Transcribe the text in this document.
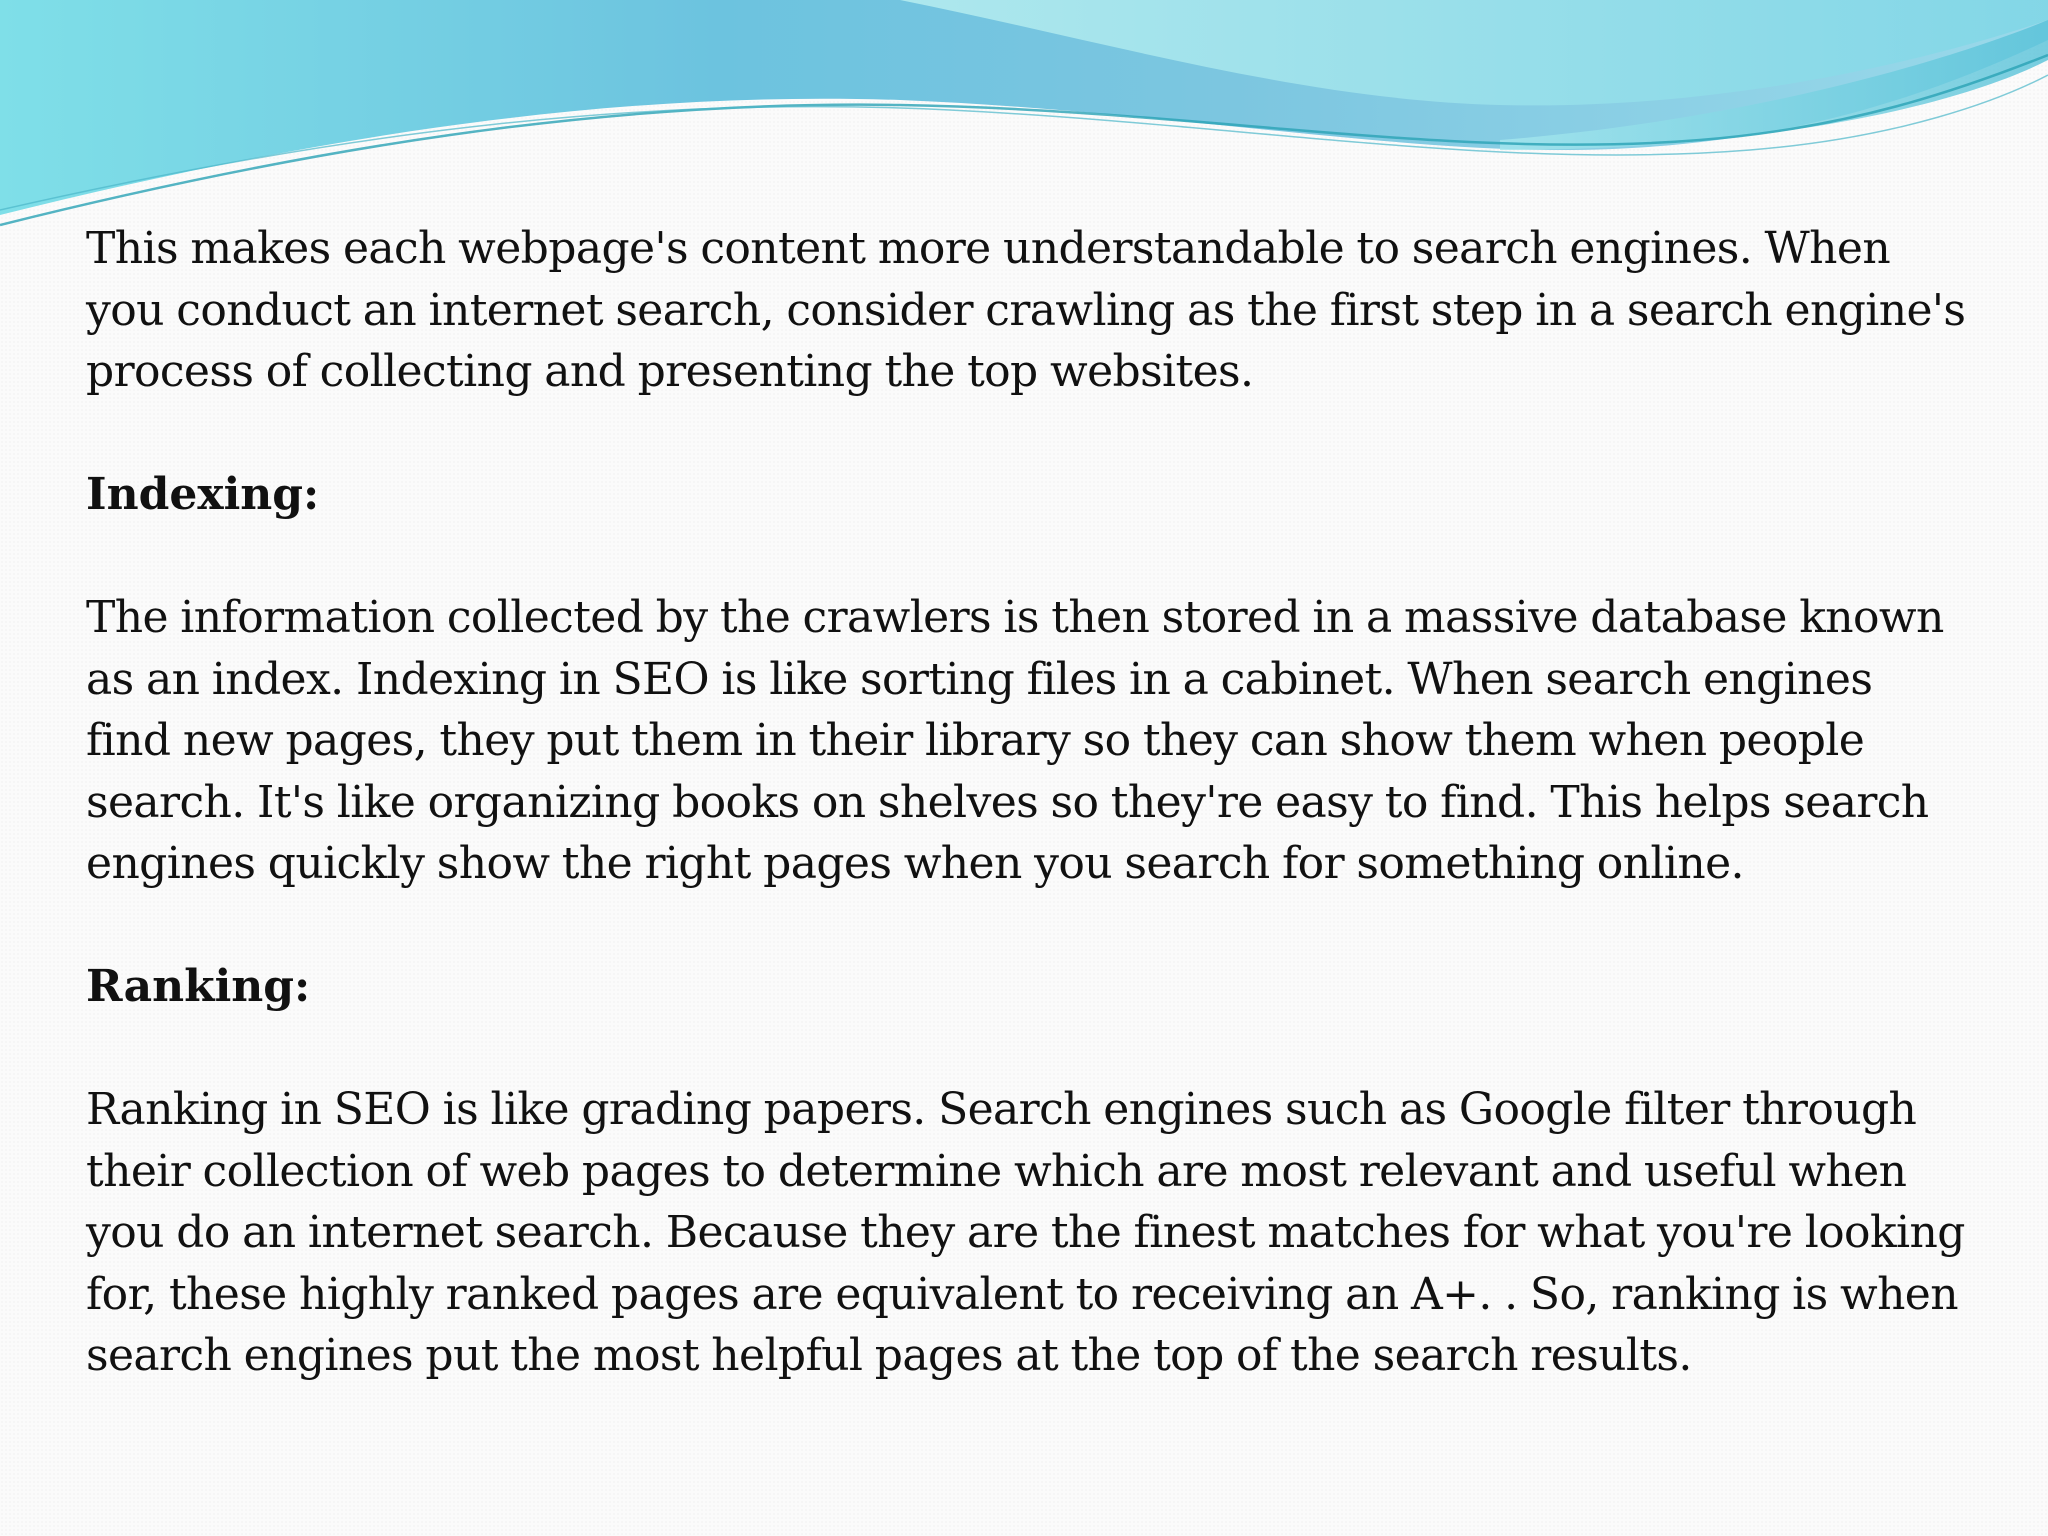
This makes each webpage's content more understandable to search engines. When
you conduct an internet search, consider crawling as the first step in a search engine's
process of collecting and presenting the top websites.

Indexing:

The information collected by the crawlers is then stored in a massive database known
as an index. Indexing in SEO is like sorting files in a cabinet. When search engines
find new pages, they put them in their library so they can show them when people
search. It's like organizing books on shelves so they're easy to find. This helps search
engines quickly show the right pages when you search for something online.

Ranking:

Ranking in SEO is like grading papers. Search engines such as Google filter through
their collection of web pages to determine which are most relevant and useful when
you do an internet search. Because they are the finest matches for what you're looking
for, these highly ranked pages are equivalent to receiving an A+. . So, ranking is when
search engines put the most helpful pages at the top of the search results.
